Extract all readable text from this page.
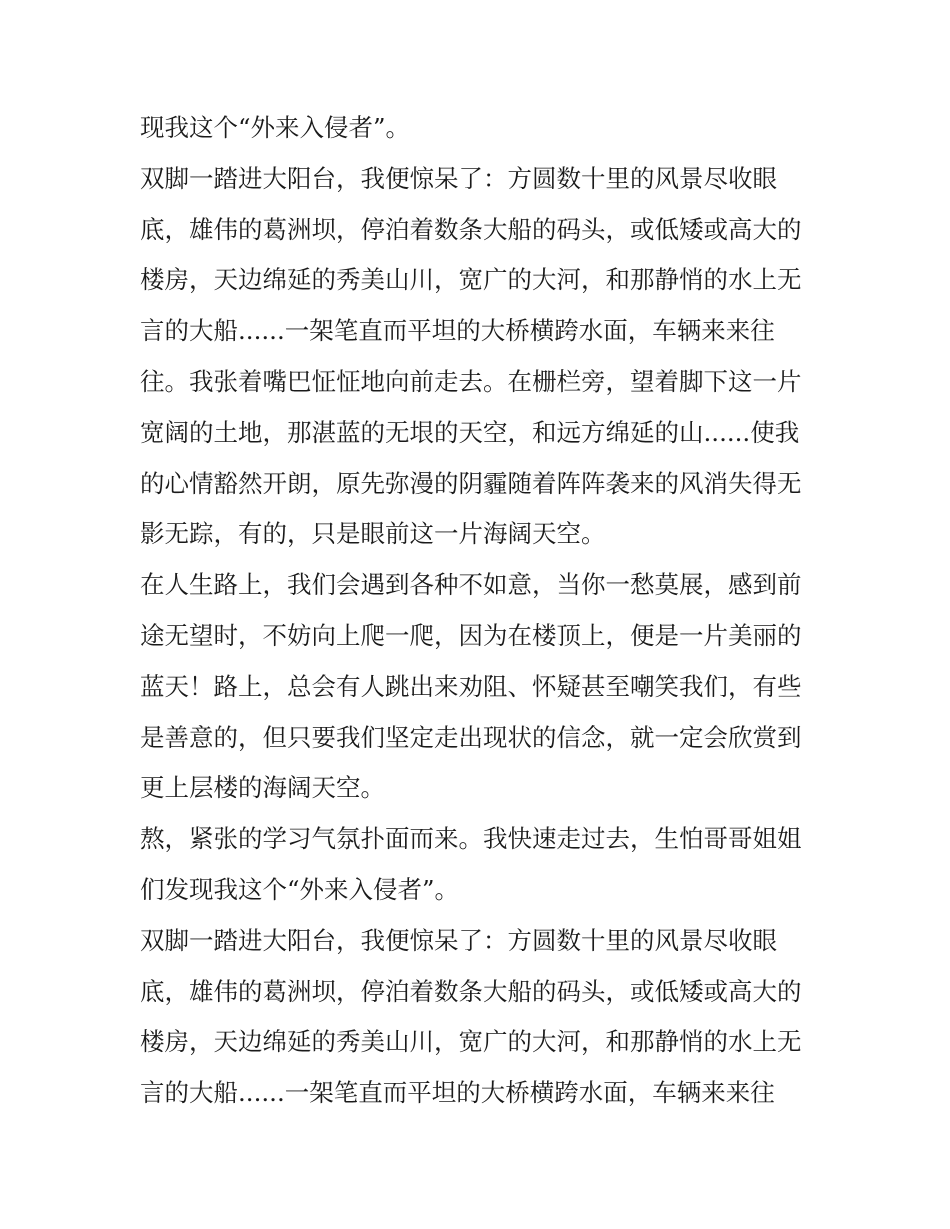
现我这个“外来入侵者”。
双脚一踏进大阳台，我便惊呆了：方圆数十里的风景尽收眼
底，雄伟的葛洲坝，停泊着数条大船的码头，或低矮或高大的
楼房，天边绵延的秀美山川，宽广的大河，和那静悄的水上无
言的大船......一架笔直而平坦的大桥横跨水面，车辆来来往
往。我张着嘴巴怔怔地向前走去。在栅栏旁，望着脚下这一片
宽阔的土地，那湛蓝的无垠的天空，和远方绵延的山......使我
的心情豁然开朗，原先弥漫的阴霾随着阵阵袭来的风消失得无
影无踪，有的，只是眼前这一片海阔天空。
在人生路上，我们会遇到各种不如意，当你一愁莫展，感到前
途无望时，不妨向上爬一爬，因为在楼顶上，便是一片美丽的
蓝天！路上，总会有人跳出来劝阻、怀疑甚至嘲笑我们，有些
是善意的，但只要我们坚定走出现状的信念，就一定会欣赏到
更上层楼的海阔天空。
熬，紧张的学习气氛扑面而来。我快速走过去，生怕哥哥姐姐
们发现我这个“外来入侵者”。
双脚一踏进大阳台，我便惊呆了：方圆数十里的风景尽收眼
底，雄伟的葛洲坝，停泊着数条大船的码头，或低矮或高大的
楼房，天边绵延的秀美山川，宽广的大河，和那静悄的水上无
言的大船......一架笔直而平坦的大桥横跨水面，车辆来来往
